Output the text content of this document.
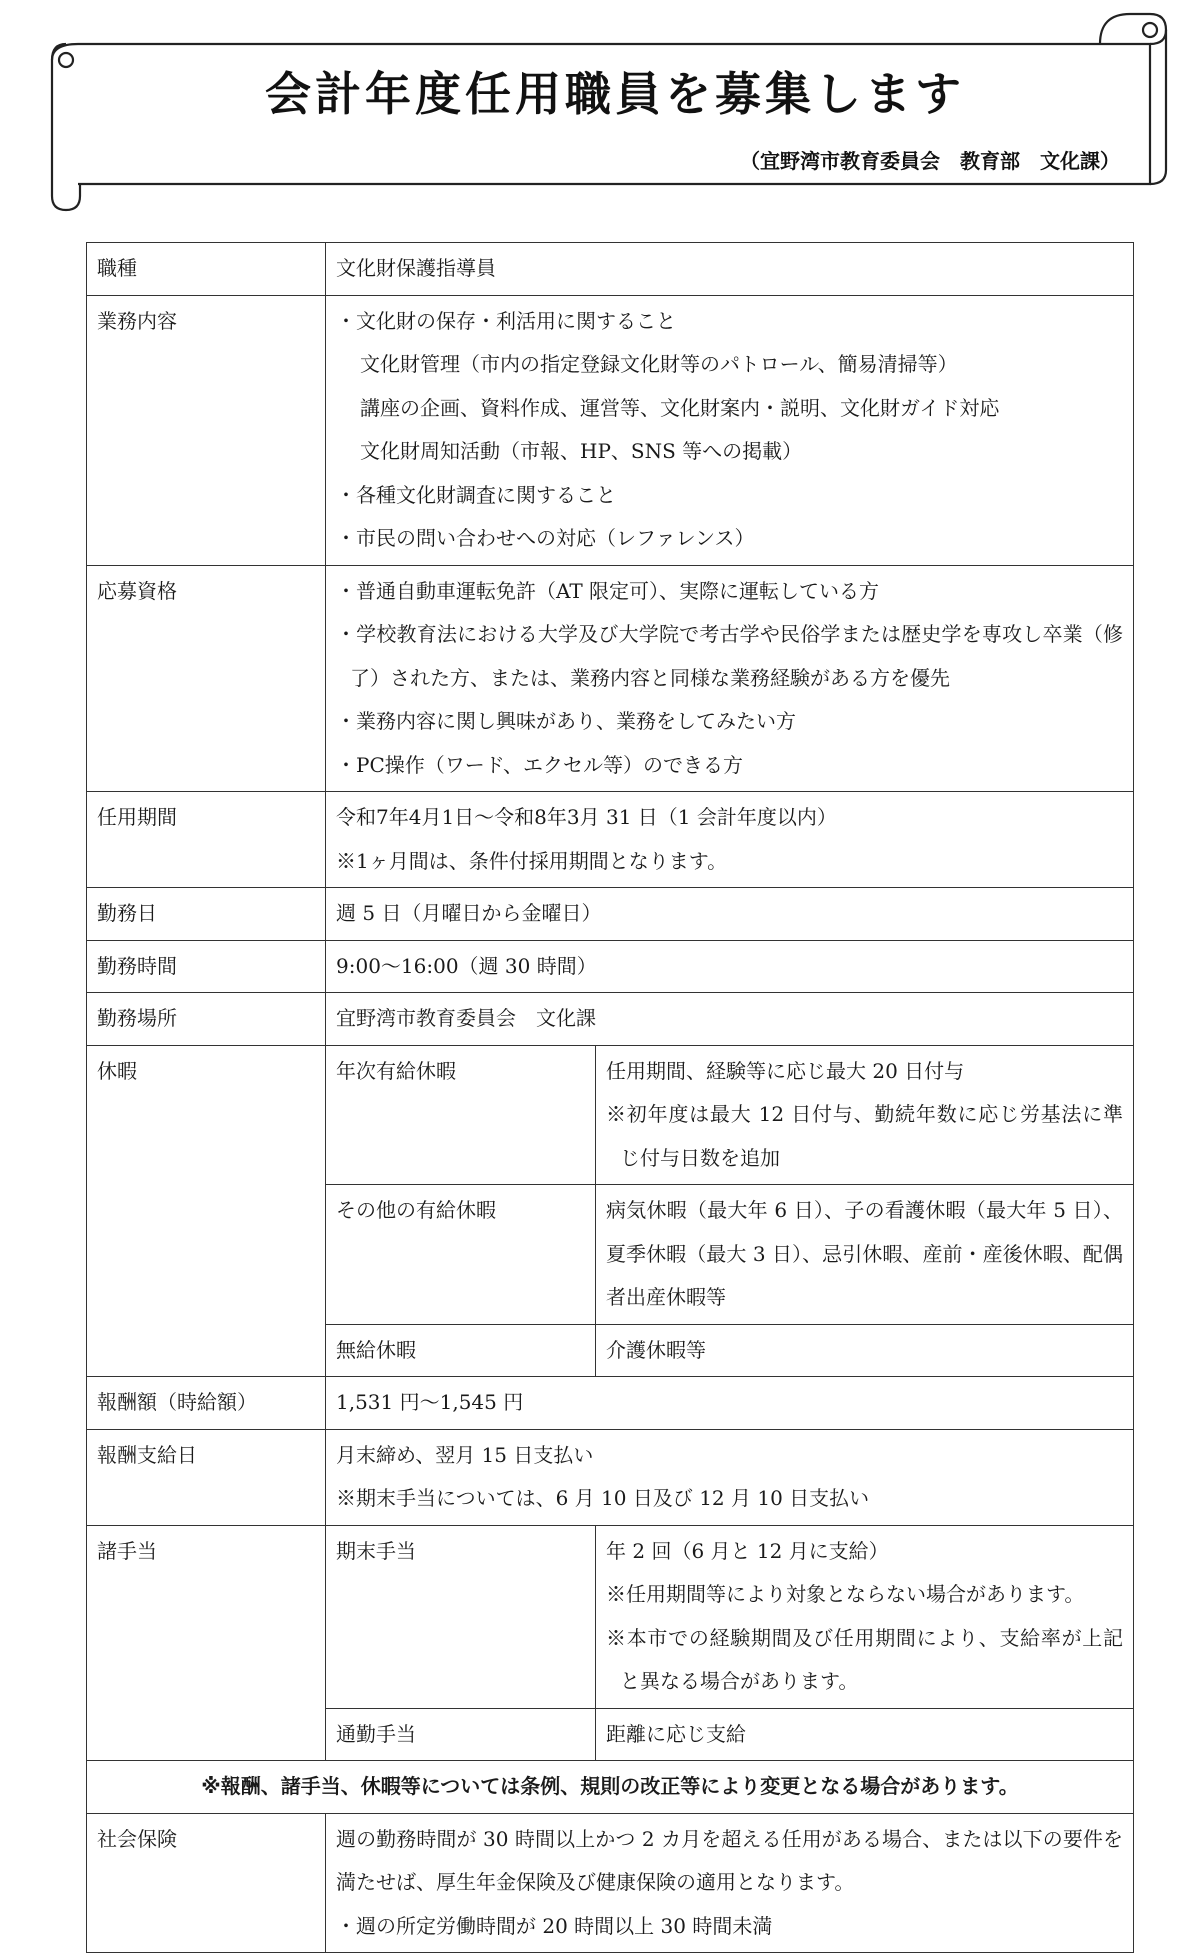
会計年度任用職員を募集します
（宜野湾市教育委員会　教育部　文化課）
職種	文化財保護指導員
業務内容	・文化財の保存・利活用に関すること
文化財管理（市内の指定登録文化財等のパトロール、簡易清掃等）
講座の企画、資料作成、運営等、文化財案内・説明、文化財ガイド対応
文化財周知活動（市報、HP、SNS 等への掲載）
・各種文化財調査に関すること
・市民の問い合わせへの対応（レファレンス）

応募資格	・普通自動車運転免許（AT 限定可）、実際に運転している方
・学校教育法における大学及び大学院で考古学や民俗学または歴史学を専攻し卒業（修了）された方、または、業務内容と同様な業務経験がある方を優先
・業務内容に関し興味があり、業務をしてみたい方
・PC操作（ワード、エクセル等）のできる方

任用期間	令和7年4月1日～令和8年3月 31 日（1 会計年度以内）
※1ヶ月間は、条件付採用期間となります。

勤務日	週 5 日（月曜日から金曜日）
勤務時間	9:00～16:00（週 30 時間）
勤務場所	宜野湾市教育委員会　文化課
休暇		年次有給休暇	任用期間、経験等に応じ最大 20 日付与
※初年度は最大 12 日付与、勤続年数に応じ労基法に準じ付与日数を追加

その他の有給休暇	病気休暇（最大年 6 日）、子の看護休暇（最大年 5 日）、夏季休暇（最大 3 日）、忌引休暇、産前・産後休暇、配偶者出産休暇等
無給休暇	介護休暇等

報酬額（時給額）	1,531 円～1,545 円
報酬支給日	月末締め、翌月 15 日支払い
※期末手当については、6 月 10 日及び 12 月 10 日支払い

諸手当		期末手当	年 2 回（6 月と 12 月に支給）
※任用期間等により対象とならない場合があります。
※本市での経験期間及び任用期間により、支給率が上記と異なる場合があります。

通勤手当	距離に応じ支給

※報酬、諸手当、休暇等については条例、規則の改正等により変更となる場合があります。
社会保険	週の勤務時間が 30 時間以上かつ 2 カ月を超える任用がある場合、または以下の要件を満たせば、厚生年金保険及び健康保険の適用となります。
・週の所定労働時間が 20 時間以上 30 時間未満
